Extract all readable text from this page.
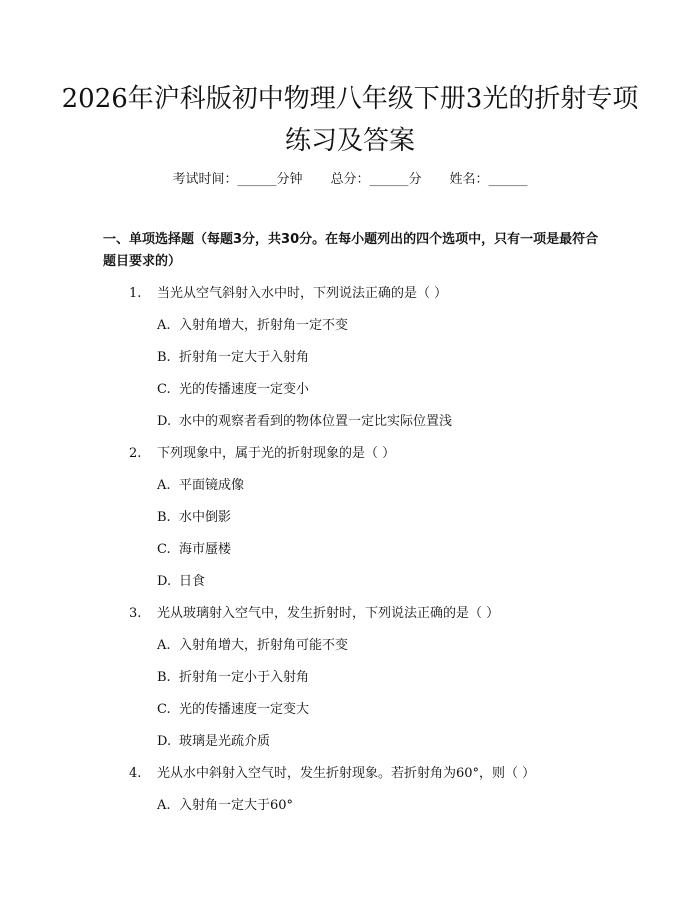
2026年沪科版初中物理八年级下册3光的折射专项练习及答案
考试时间：______分钟 总分：______分 姓名：______
一、单项选择题（每题3分，共30分。在每小题列出的四个选项中，只有一项是最符合题目要求的）
1. 当光从空气斜射入水中时，下列说法正确的是（ ）
A. 入射角增大，折射角一定不变
B. 折射角一定大于入射角
C. 光的传播速度一定变小
D. 水中的观察者看到的物体位置一定比实际位置浅
2. 下列现象中，属于光的折射现象的是（ ）
A. 平面镜成像
B. 水中倒影
C. 海市蜃楼
D. 日食
3. 光从玻璃射入空气中，发生折射时，下列说法正确的是（ ）
A. 入射角增大，折射角可能不变
B. 折射角一定小于入射角
C. 光的传播速度一定变大
D. 玻璃是光疏介质
4. 光从水中斜射入空气时，发生折射现象。若折射角为60°，则（ ）
A. 入射角一定大于60°
